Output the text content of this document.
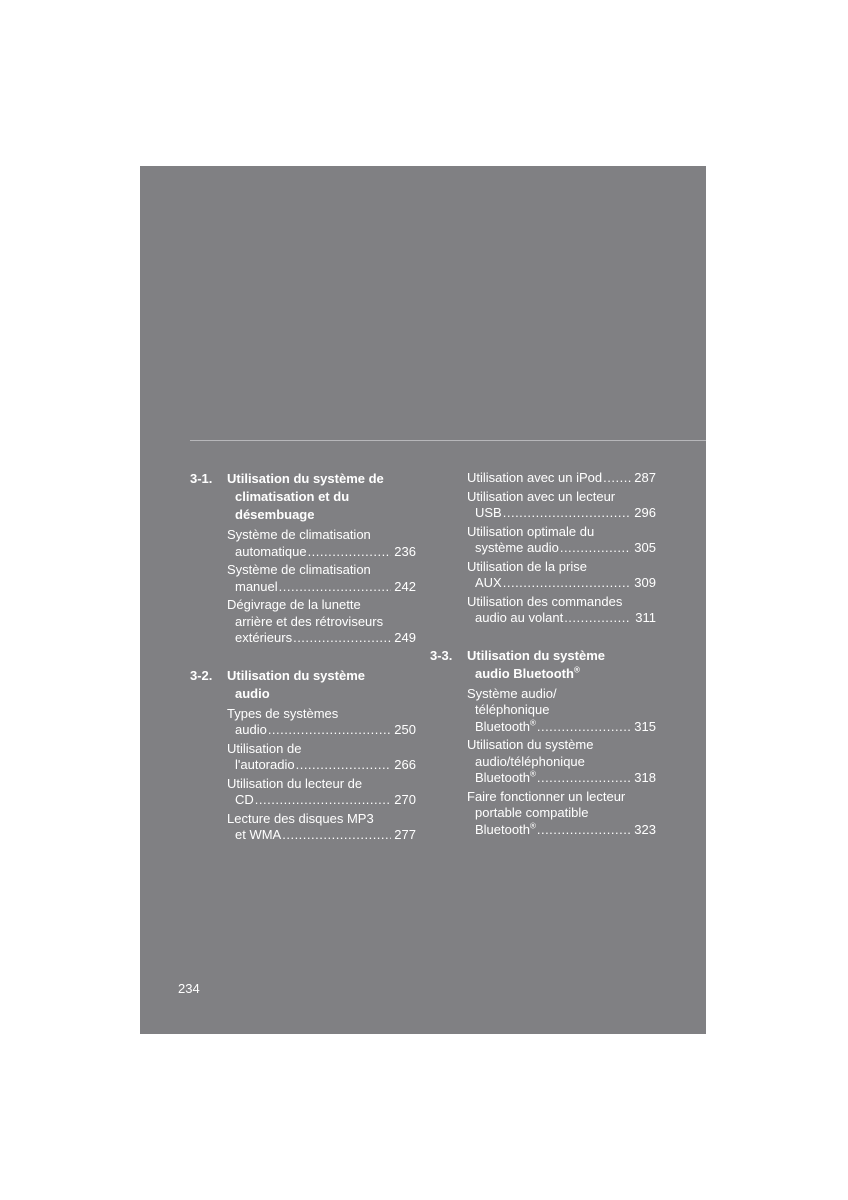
3-1.	Utilisation du système de
climatisation et du
désembuage
Système de climatisation
automatique .....	236
Système de climatisation
manuel .....	242
Dégivrage de la lunette
arrière et des rétroviseurs
extérieurs .....	249
3-2.	Utilisation du système
audio
Types de systèmes
audio .....	250
Utilisation de
l'autoradio .....	266
Utilisation du lecteur de
CD .....	270
Lecture des disques MP3
et WMA .....	277
Utilisation avec un iPod ..... 287
Utilisation avec un lecteur
USB .....	296
Utilisation optimale du
système audio .....	305
Utilisation de la prise
AUX .....	309
Utilisation des commandes
audio au volant .....	311
3-3.	Utilisation du système
audio Bluetooth®
Système audio/
téléphonique
Bluetooth® .....	315
Utilisation du système
audio/téléphonique
Bluetooth® .....	318
Faire fonctionner un lecteur
portable compatible
Bluetooth® .....	323
234
